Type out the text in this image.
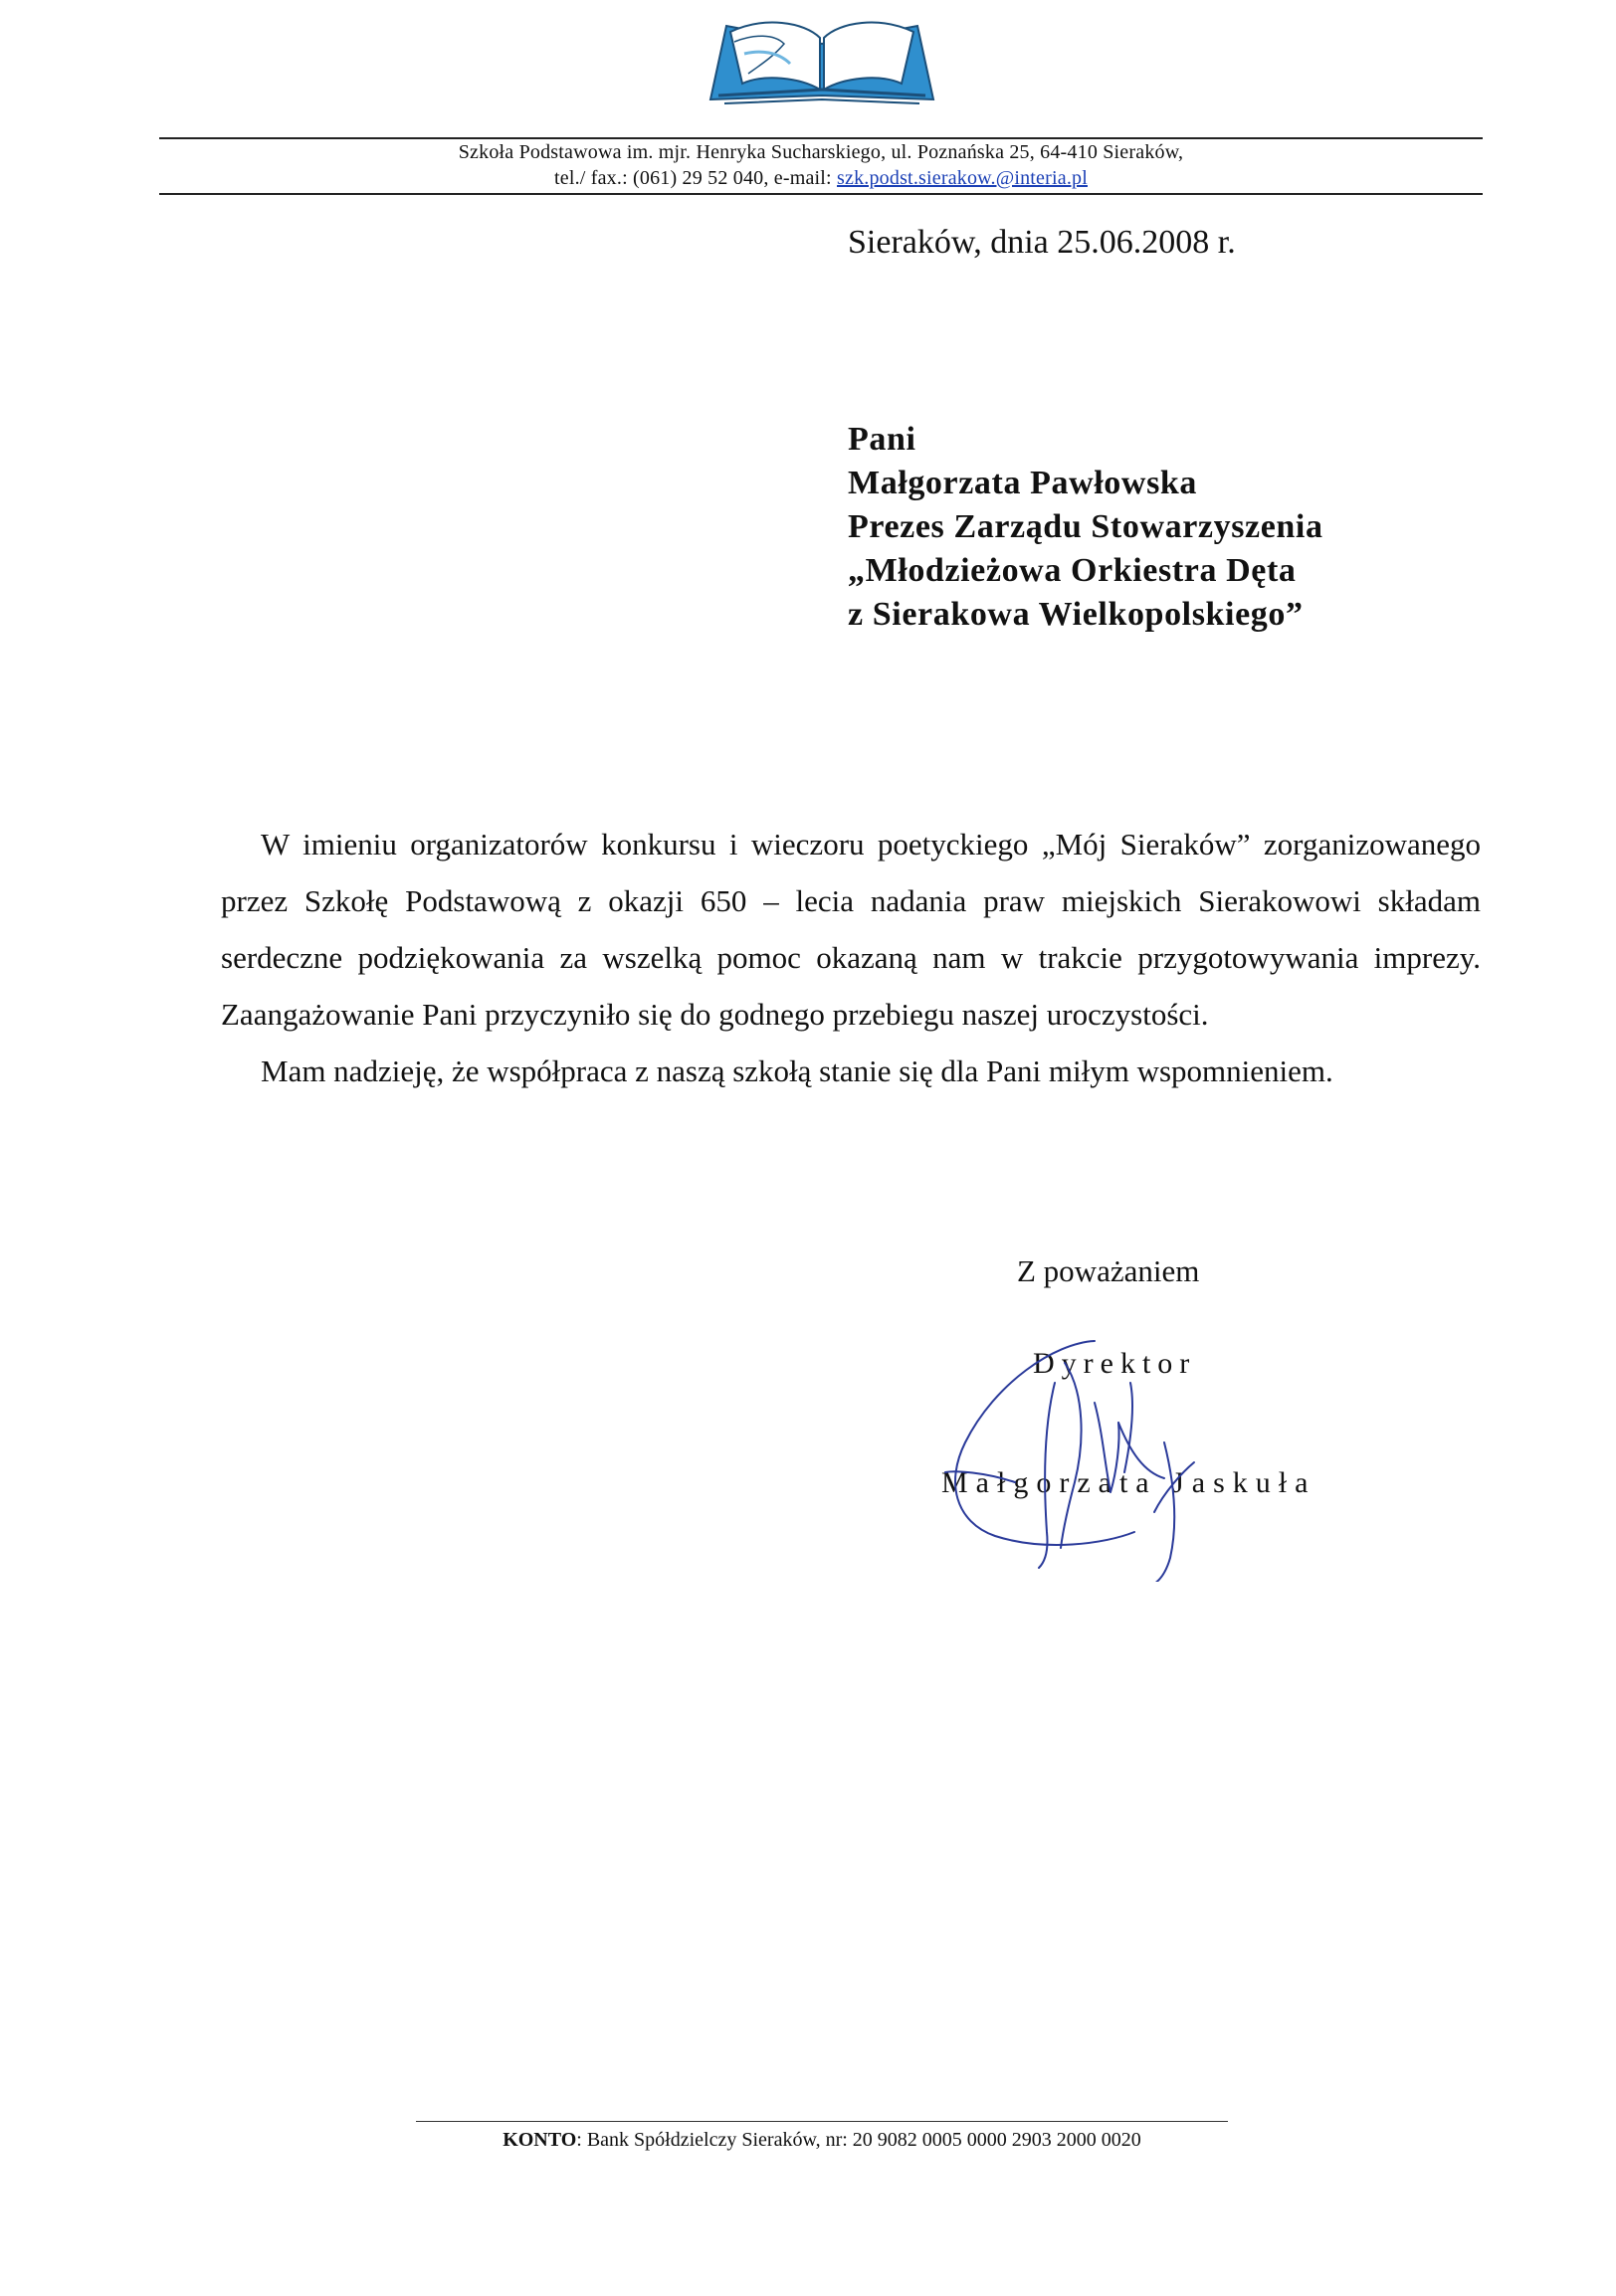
Szkoła Podstawowa im. mjr. Henryka Sucharskiego, ul. Poznańska 25, 64-410 Sieraków,
tel./ fax.: (061) 29 52 040, e-mail: szk.podst.sierakow.@interia.pl
Sieraków, dnia 25.06.2008 r.
Pani
Małgorzata Pawłowska
Prezes Zarządu Stowarzyszenia
„Młodzieżowa Orkiestra Dęta
z Sierakowa Wielkopolskiego”

W imieniu organizatorów konkursu i wieczoru poetyckiego „Mój Sieraków” zorganizowanego przez Szkołę Podstawową z okazji 650 – lecia nadania praw miejskich Sierakowowi składam serdeczne podziękowania za wszelką pomoc okazaną nam w trakcie przygotowywania imprezy. Zaangażowanie Pani przyczyniło się do godnego przebiegu naszej uroczystości.

Mam nadzieję, że współpraca z naszą szkołą stanie się dla Pani miłym wspomnieniem.

Z poważaniem
Dyrektor
Małgorzata Jaskuła
KONTO: Bank Spółdzielczy Sieraków, nr: 20 9082 0005 0000 2903 2000 0020
